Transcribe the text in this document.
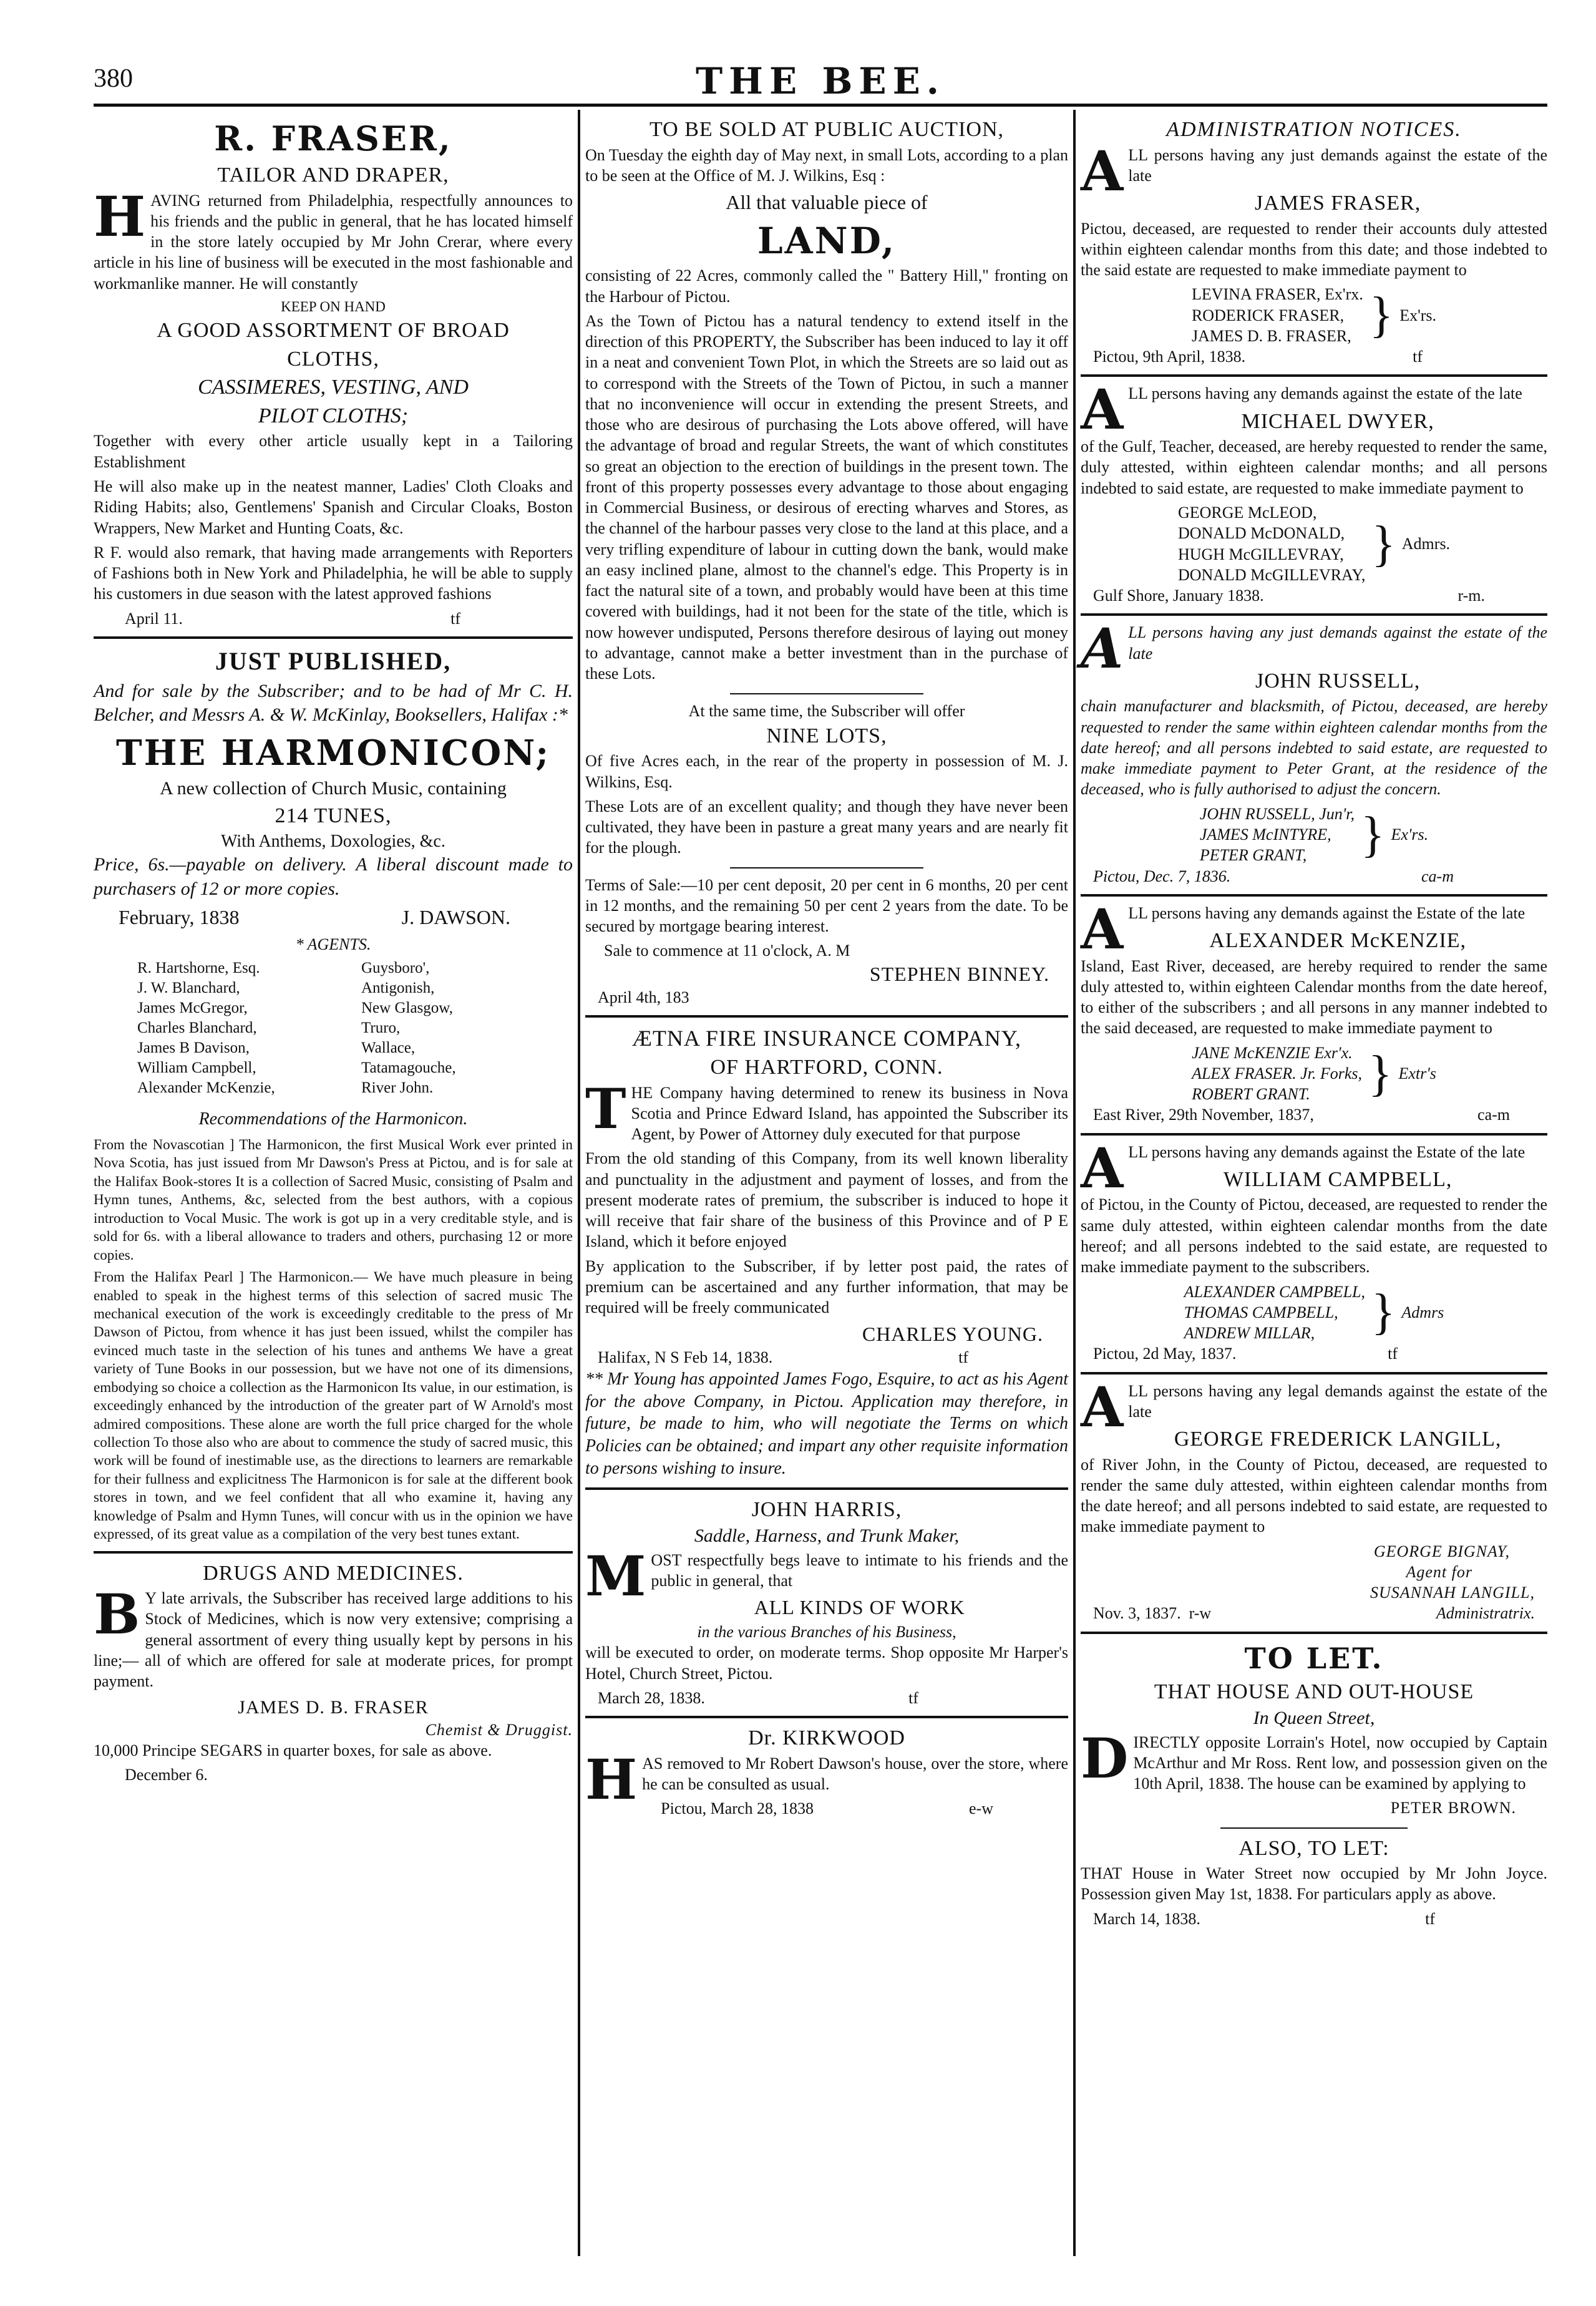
380	THE BEE.
R. FRASER,
TAILOR AND DRAPER,

HAVING returned from Philadelphia, respectfully announces to his friends and the public in general, that he has located himself in the store lately occupied by Mr John Crerar, where every article in his line of business will be executed in the most fashionable and workmanlike manner. He will constantly

KEEP ON HAND
A GOOD ASSORTMENT OF BROAD
CLOTHS,
CASSIMERES, VESTING, AND
PILOT CLOTHS;

Together with every other article usually kept in a Tailoring Establishment

He will also make up in the neatest manner, Ladies' Cloth Cloaks and Riding Habits; also, Gentlemens' Spanish and Circular Cloaks, Boston Wrappers, New Market and Hunting Coats, &c.

R F. would also remark, that having made arrangements with Reporters of Fashions both in New York and Philadelphia, he will be able to supply his customers in due season with the latest approved fashions

April 11.	tf
JUST PUBLISHED,

And for sale by the Subscriber; and to be had of Mr C. H. Belcher, and Messrs A. & W. McKinlay, Booksellers, Halifax :*

THE HARMONICON;
A new collection of Church Music, containing
214 TUNES,
With Anthems, Doxologies, &c.

Price, 6s.—payable on delivery. A liberal discount made to purchasers of 12 or more copies.

February, 1838	J. DAWSON.
* AGENTS.
R. Hartshorne, Esq.	Guysboro',
J. W. Blanchard,	Antigonish,
James McGregor,	New Glasgow,
Charles Blanchard,	Truro,
James B Davison,	Wallace,
William Campbell,	Tatamagouche,
Alexander McKenzie,	River John.
Recommendations of the Harmonicon.

From the Novascotian ] The Harmonicon, the first Musical Work ever printed in Nova Scotia, has just issued from Mr Dawson's Press at Pictou, and is for sale at the Halifax Book-stores It is a collection of Sacred Music, consisting of Psalm and Hymn tunes, Anthems, &c, selected from the best authors, with a copious introduction to Vocal Music. The work is got up in a very creditable style, and is sold for 6s. with a liberal allowance to traders and others, purchasing 12 or more copies.

From the Halifax Pearl ] The Harmonicon.— We have much pleasure in being enabled to speak in the highest terms of this selection of sacred music The mechanical execution of the work is exceedingly creditable to the press of Mr Dawson of Pictou, from whence it has just been issued, whilst the compiler has evinced much taste in the selection of his tunes and anthems We have a great variety of Tune Books in our possession, but we have not one of its dimensions, embodying so choice a collection as the Harmonicon Its value, in our estimation, is exceedingly enhanced by the introduction of the greater part of W Arnold's most admired compositions. These alone are worth the full price charged for the whole collection To those also who are about to commence the study of sacred music, this work will be found of inestimable use, as the directions to learners are remarkable for their fullness and explicitness The Harmonicon is for sale at the different book stores in town, and we feel confident that all who examine it, having any knowledge of Psalm and Hymn Tunes, will concur with us in the opinion we have expressed, of its great value as a compilation of the very best tunes extant.

DRUGS AND MEDICINES.

B Y late arrivals, the Subscriber has received large additions to his Stock of Medicines, which is now very extensive; comprising a general assortment of every thing usually kept by persons in his line;— all of which are offered for sale at moderate prices, for prompt payment.

JAMES D. B. FRASER
Chemist & Druggist.

10,000 Principe SEGARS in quarter boxes, for sale as above.

December 6.
TO BE SOLD AT PUBLIC AUCTION,

On Tuesday the eighth day of May next, in small Lots, according to a plan to be seen at the Office of M. J. Wilkins, Esq :

All that valuable piece of
LAND,

consisting of 22 Acres, commonly called the " Battery Hill," fronting on the Harbour of Pictou.

As the Town of Pictou has a natural tendency to extend itself in the direction of this PROPERTY, the Subscriber has been induced to lay it off in a neat and convenient Town Plot, in which the Streets are so laid out as to correspond with the Streets of the Town of Pictou, in such a manner that no inconvenience will occur in extending the present Streets, and those who are desirous of purchasing the Lots above offered, will have the advantage of broad and regular Streets, the want of which constitutes so great an objection to the erection of buildings in the present town. The front of this property possesses every advantage to those about engaging in Commercial Business, or desirous of erecting wharves and Stores, as the channel of the harbour passes very close to the land at this place, and a very trifling expenditure of labour in cutting down the bank, would make an easy inclined plane, almost to the channel's edge. This Property is in fact the natural site of a town, and probably would have been at this time covered with buildings, had it not been for the state of the title, which is now however undisputed, Persons therefore desirous of laying out money to advantage, cannot make a better investment than in the purchase of these Lots.

At the same time, the Subscriber will offer
NINE LOTS,

Of five Acres each, in the rear of the property in possession of M. J. Wilkins, Esq.

These Lots are of an excellent quality; and though they have never been cultivated, they have been in pasture a great many years and are nearly fit for the plough.

Terms of Sale:—10 per cent deposit, 20 per cent in 6 months, 20 per cent in 12 months, and the remaining 50 per cent 2 years from the date. To be secured by mortgage bearing interest.

Sale to commence at 11 o'clock, A. M
STEPHEN BINNEY.
April 4th, 183
ÆTNA FIRE INSURANCE COMPANY,
OF HARTFORD, CONN.

THE Company having determined to renew its business in Nova Scotia and Prince Edward Island, has appointed the Subscriber its Agent, by Power of Attorney duly executed for that purpose

From the old standing of this Company, from its well known liberality and punctuality in the adjustment and payment of losses, and from the present moderate rates of premium, the subscriber is induced to hope it will receive that fair share of the business of this Province and of P E Island, which it before enjoyed

By application to the Subscriber, if by letter post paid, the rates of premium can be ascertained and any further information, that may be required will be freely communicated

CHARLES YOUNG.
Halifax, N S Feb 14, 1838.	tf

** Mr Young has appointed James Fogo, Esquire, to act as his Agent for the above Company, in Pictou. Application may therefore, in future, be made to him, who will negotiate the Terms on which Policies can be obtained; and impart any other requisite information to persons wishing to insure.

JOHN HARRIS,
Saddle, Harness, and Trunk Maker,

MOST respectfully begs leave to intimate to his friends and the public in general, that

ALL KINDS OF WORK
in the various Branches of his Business,

will be executed to order, on moderate terms. Shop opposite Mr Harper's Hotel, Church Street, Pictou.

March 28, 1838.	tf
Dr. KIRKWOOD

HAS removed to Mr Robert Dawson's house, over the store, where he can be consulted as usual.

Pictou, March 28, 1838	e-w
ADMINISTRATION NOTICES.

ALL persons having any just demands against the estate of the late

JAMES FRASER,

Pictou, deceased, are requested to render their accounts duly attested within eighteen calendar months from this date; and those indebted to the said estate are requested to make immediate payment to

LEVINA FRASER, Ex'rx.
RODERICK FRASER,
JAMES D. B. FRASER, } Ex'rs.
Pictou, 9th April, 1838.	tf

ALL persons having any demands against the estate of the late

MICHAEL DWYER,

of the Gulf, Teacher, deceased, are hereby requested to render the same, duly attested, within eighteen calendar months; and all persons indebted to said estate, are requested to make immediate payment to

GEORGE McLEOD,
DONALD McDONALD,
HUGH McGILLEVRAY,
DONALD McGILLEVRAY,
} Admrs.
Gulf Shore, January 1838.	r-m.

ALL persons having any just demands against the estate of the late

JOHN RUSSELL,

chain manufacturer and blacksmith, of Pictou, deceased, are hereby requested to render the same within eighteen calendar months from the date hereof; and all persons indebted to said estate, are requested to make immediate payment to Peter Grant, at the residence of the deceased, who is fully authorised to adjust the concern.

JOHN RUSSELL, Jun'r,
JAMES McINTYRE,
PETER GRANT,	} Ex'rs.
Pictou, Dec. 7, 1836.	ca-m

ALL persons having any demands against the Estate of the late

ALEXANDER McKENZIE,

Island, East River, deceased, are hereby required to render the same duly attested to, within eighteen Calendar months from the date hereof, to either of the subscribers ; and all persons in any manner indebted to the said deceased, are requested to make immediate payment to

JANE McKENZIE Exr'x.
ALEX FRASER. Jr. Forks,
ROBERT GRANT.	} Extr's
East River, 29th November, 1837,	ca-m

ALL persons having any demands against the Estate of the late

WILLIAM CAMPBELL,

of Pictou, in the County of Pictou, deceased, are requested to render the same duly attested, within eighteen calendar months from the date hereof; and all persons indebted to the said estate, are requested to make immediate payment to the subscribers.

ALEXANDER CAMPBELL,
THOMAS CAMPBELL,
ANDREW MILLAR,	} Admrs
Pictou, 2d May, 1837.	tf

ALL persons having any legal demands against the estate of the late

GEORGE FREDERICK LANGILL,

of River John, in the County of Pictou, deceased, are requested to render the same duly attested, within eighteen calendar months from the date hereof; and all persons indebted to said estate, are requested to make immediate payment to

GEORGE BIGNAY,
Agent for
SUSANNAH LANGILL,
Nov. 3, 1837. r-w	Administratrix.
TO LET.
THAT HOUSE AND OUT-HOUSE
In Queen Street,

DIRECTLY opposite Lorrain's Hotel, now occupied by Captain McArthur and Mr Ross. Rent low, and possession given on the 10th April, 1838. The house can be examined by applying to

PETER BROWN.
ALSO, TO LET:

THAT House in Water Street now occupied by Mr John Joyce. Possession given May 1st, 1838. For particulars apply as above.

March 14, 1838.	tf
